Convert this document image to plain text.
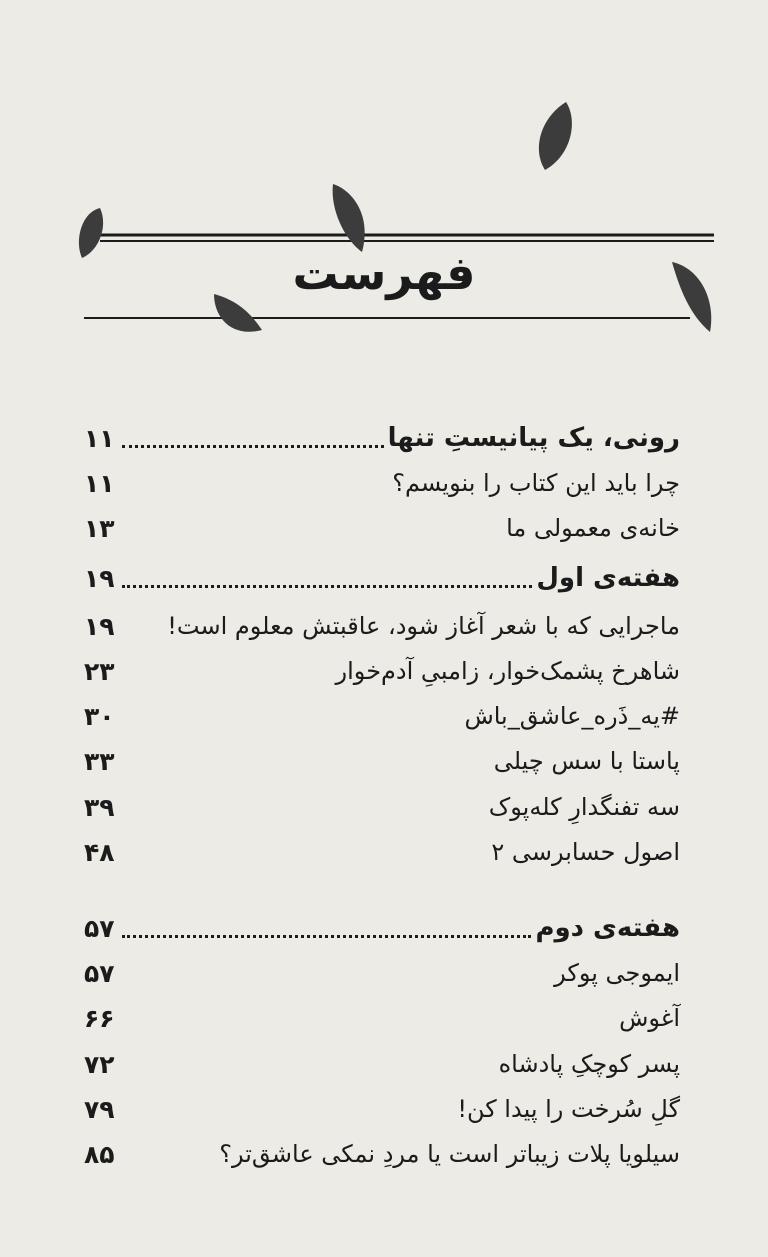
فهرست
رونی، یک پیانیستِ تنها
۱۱
چرا باید این کتاب را بنویسم؟
۱۱
خانه‌ی معمولی ما
۱۳
هفته‌ی اول
۱۹
ماجرایی که با شعر آغاز شود، عاقبتش معلوم است!
۱۹
شاهرخ پشمک‌خوار، زامبیِ آدم‌خوار
۲۳
#یه_ذَره_عاشق_باش
۳۰
پاستا با سس چیلی
۳۳
سه تفنگدارِ کله‌پوک
۳۹
اصول حسابرسی ۲
۴۸
هفته‌ی دوم
۵۷
ایموجی پوکر
۵۷
آغوش
۶۶
پسر کوچکِ پادشاه
۷۲
گلِ سُرخت را پیدا کن!
۷۹
سیلویا پلات زیباتر است یا مردِ نمکی عاشق‌تر؟
۸۵
